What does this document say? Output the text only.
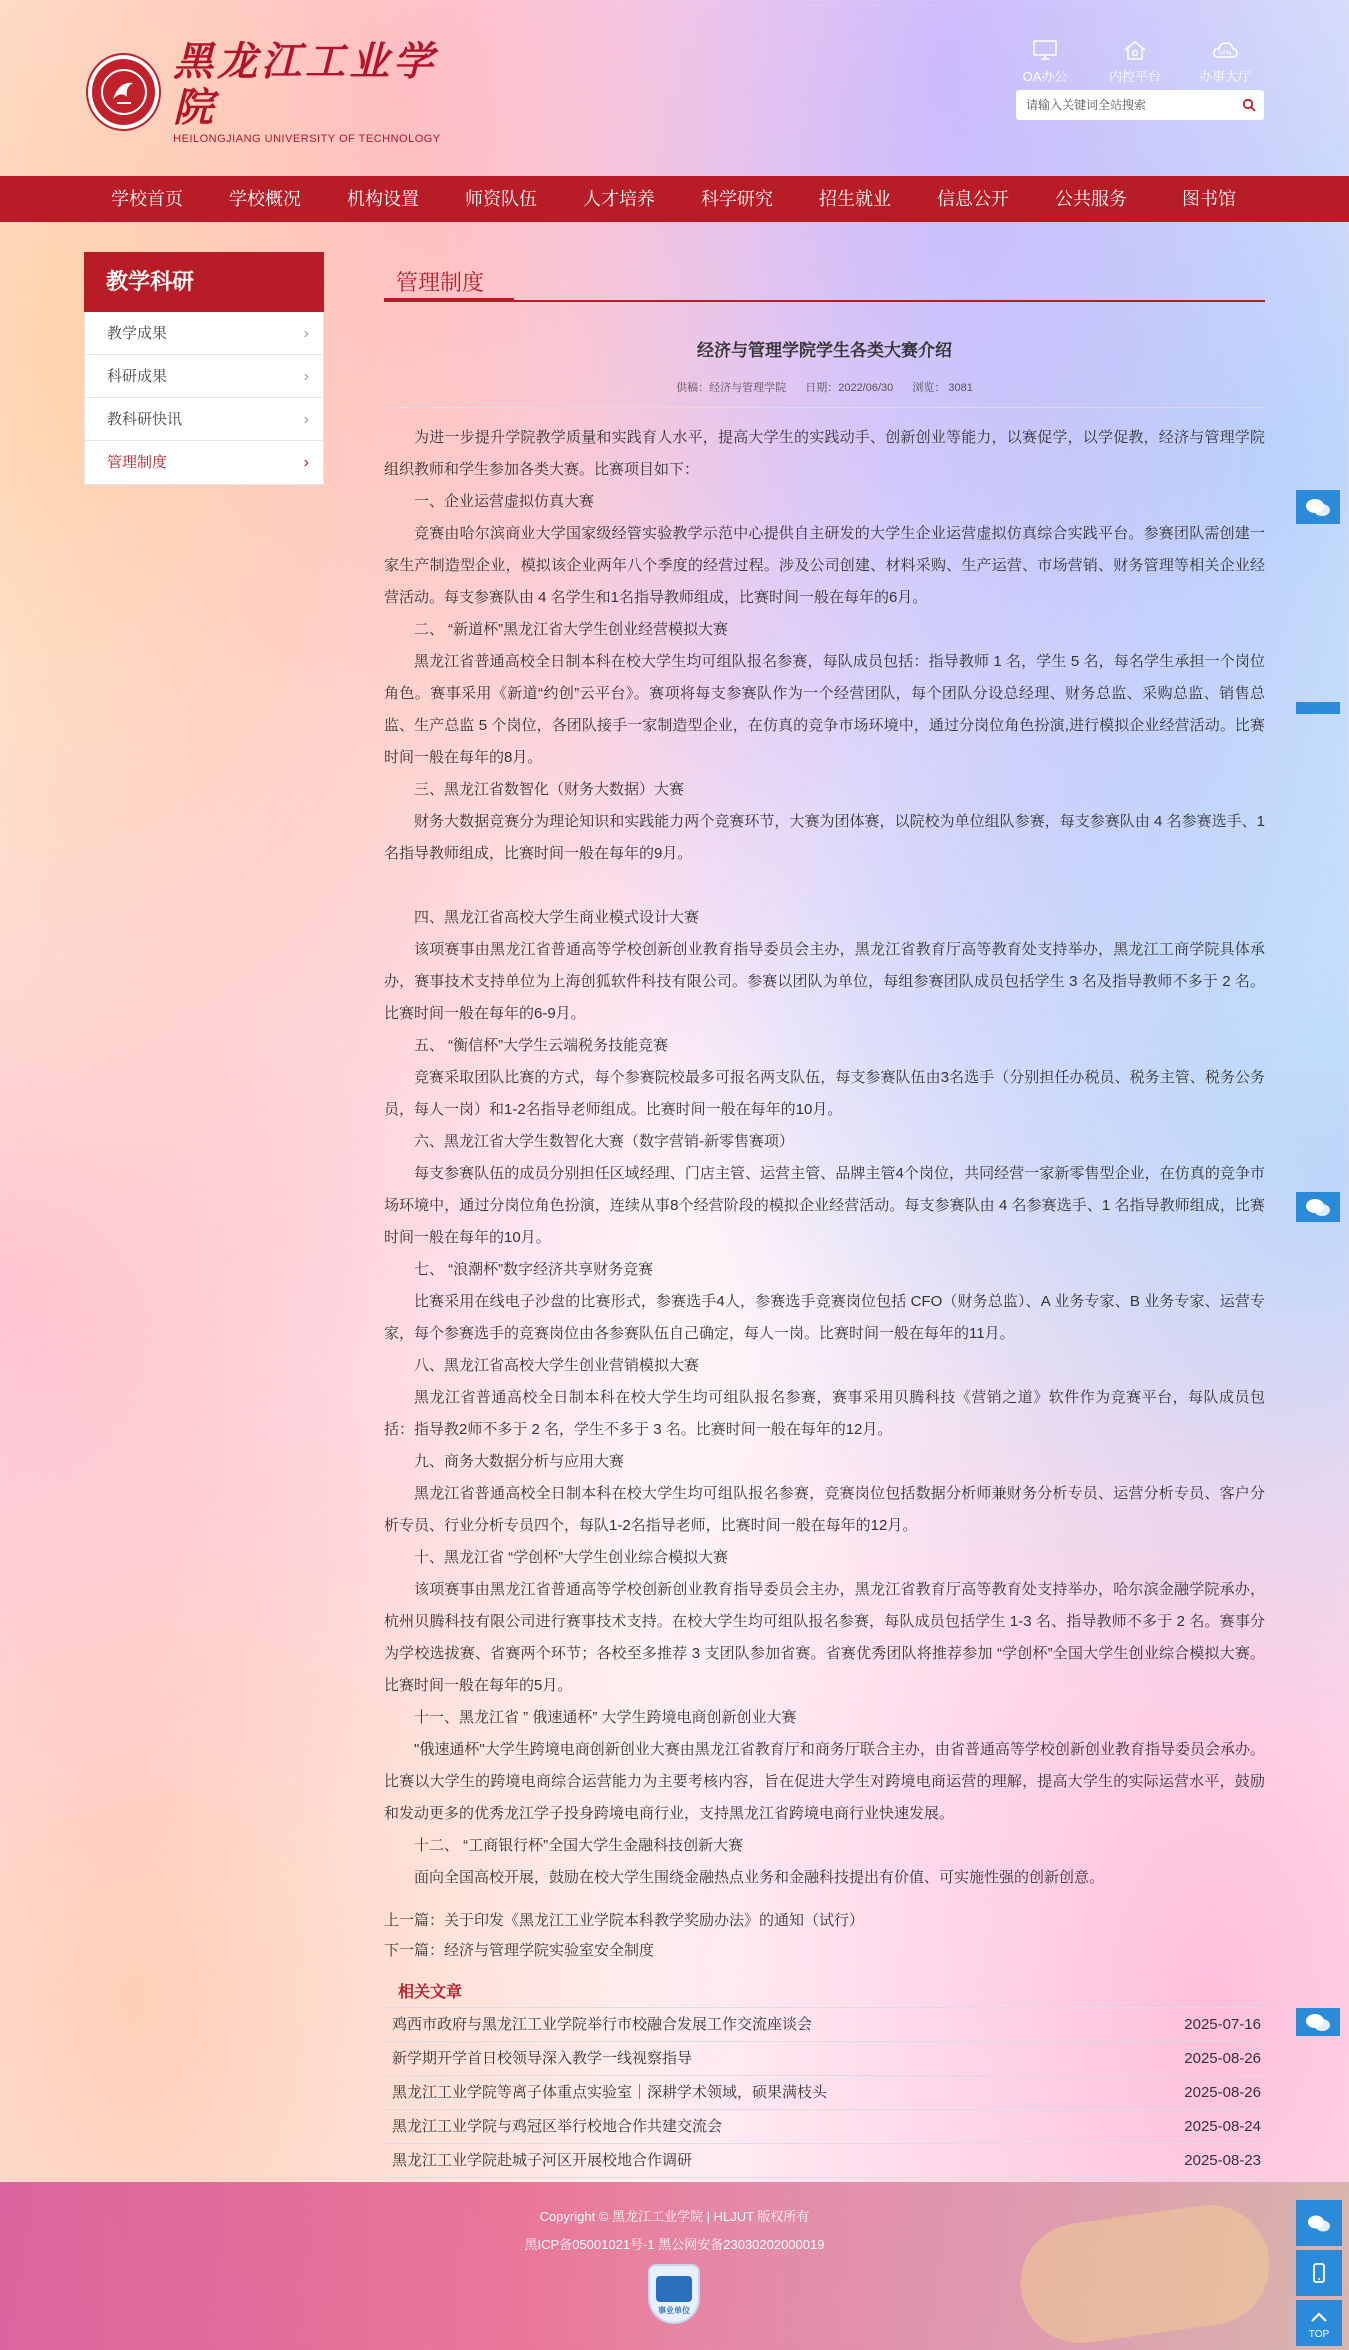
黑龙江工业学院
HEILONGJIANG UNIVERSITY OF TECHNOLOGY
OA办公	内控平台
VPN
办事大厅
请输入关键词全站搜索
学校首页	学校概况	机构设置	师资队伍	人才培养	科学研究	招生就业	信息公开	公共服务	图书馆
教学科研
教学成果	›
科研成果	›
教科研快讯	›
管理制度	›
管理制度
经济与管理学院学生各类大赛介绍
供稿：经济与管理学院 日期：2022/06/30 浏览： 3081

为进一步提升学院教学质量和实践育人水平，提高大学生的实践动手、创新创业等能力，以赛促学，以学促教，经济与管理学院组织教师和学生参加各类大赛。比赛项目如下：

一、企业运营虚拟仿真大赛

竞赛由哈尔滨商业大学国家级经管实验教学示范中心提供自主研发的大学生企业运营虚拟仿真综合实践平台。参赛团队需创建一家生产制造型企业，模拟该企业两年八个季度的经营过程。涉及公司创建、材料采购、生产运营、市场营销、财务管理等相关企业经营活动。每支参赛队由 4 名学生和1名指导教师组成，比赛时间一般在每年的6月。

二、 “新道杯”黑龙江省大学生创业经营模拟大赛

黑龙江省普通高校全日制本科在校大学生均可组队报名参赛，每队成员包括：指导教师 1 名，学生 5 名，每名学生承担一个岗位角色。赛事采用《新道“约创”云平台》。赛项将每支参赛队作为一个经营团队，每个团队分设总经理、财务总监、采购总监、销售总监、生产总监 5 个岗位，各团队接手一家制造型企业，在仿真的竞争市场环境中，通过分岗位角色扮演,进行模拟企业经营活动。比赛时间一般在每年的8月。

三、黑龙江省数智化（财务大数据）大赛

财务大数据竞赛分为理论知识和实践能力两个竞赛环节，大赛为团体赛，以院校为单位组队参赛，每支参赛队由 4 名参赛选手、1 名指导教师组成，比赛时间一般在每年的9月。

四、黑龙江省高校大学生商业模式设计大赛

该项赛事由黑龙江省普通高等学校创新创业教育指导委员会主办，黑龙江省教育厅高等教育处支持举办，黑龙江工商学院具体承办，赛事技术支持单位为上海创狐软件科技有限公司。参赛以团队为单位，每组参赛团队成员包括学生 3 名及指导教师不多于 2 名。比赛时间一般在每年的6-9月。

五、 “衡信杯”大学生云端税务技能竞赛

竞赛采取团队比赛的方式，每个参赛院校最多可报名两支队伍，每支参赛队伍由3名选手（分别担任办税员、税务主管、税务公务员，每人一岗）和1-2名指导老师组成。比赛时间一般在每年的10月。

六、黑龙江省大学生数智化大赛（数字营销-新零售赛项）

每支参赛队伍的成员分别担任区域经理、门店主管、运营主管、品牌主管4个岗位，共同经营一家新零售型企业，在仿真的竞争市场环境中，通过分岗位角色扮演，连续从事8个经营阶段的模拟企业经营活动。每支参赛队由 4 名参赛选手、1 名指导教师组成，比赛时间一般在每年的10月。

七、 “浪潮杯”数字经济共享财务竞赛

比赛采用在线电子沙盘的比赛形式，参赛选手4人，参赛选手竞赛岗位包括 CFO（财务总监）、A 业务专家、B 业务专家、运营专家，每个参赛选手的竞赛岗位由各参赛队伍自己确定，每人一岗。比赛时间一般在每年的11月。

八、黑龙江省高校大学生创业营销模拟大赛

黑龙江省普通高校全日制本科在校大学生均可组队报名参赛，赛事采用贝腾科技《营销之道》软件作为竞赛平台，每队成员包括：指导教2师不多于 2 名，学生不多于 3 名。比赛时间一般在每年的12月。

九、商务大数据分析与应用大赛

黑龙江省普通高校全日制本科在校大学生均可组队报名参赛，竞赛岗位包括数据分析师兼财务分析专员、运营分析专员、客户分析专员、行业分析专员四个，每队1-2名指导老师，比赛时间一般在每年的12月。

十、黑龙江省 “学创杯”大学生创业综合模拟大赛

该项赛事由黑龙江省普通高等学校创新创业教育指导委员会主办，黑龙江省教育厅高等教育处支持举办，哈尔滨金融学院承办，杭州贝腾科技有限公司进行赛事技术支持。在校大学生均可组队报名参赛，每队成员包括学生 1-3 名、指导教师不多于 2 名。赛事分为学校选拔赛、省赛两个环节；各校至多推荐 3 支团队参加省赛。省赛优秀团队将推荐参加 “学创杯”全国大学生创业综合模拟大赛。比赛时间一般在每年的5月。

十一、黑龙江省 ” 俄速通杯” 大学生跨境电商创新创业大赛

"俄速通杯"大学生跨境电商创新创业大赛由黑龙江省教育厅和商务厅联合主办，由省普通高等学校创新创业教育指导委员会承办。比赛以大学生的跨境电商综合运营能力为主要考核内容，旨在促进大学生对跨境电商运营的理解，提高大学生的实际运营水平，鼓励和发动更多的优秀龙江学子投身跨境电商行业，支持黑龙江省跨境电商行业快速发展。

十二、 “工商银行杯”全国大学生金融科技创新大赛

面向全国高校开展，鼓励在校大学生围绕金融热点业务和金融科技提出有价值、可实施性强的创新创意。

上一篇：关于印发《黑龙江工业学院本科教学奖励办法》的通知（试行）
下一篇：经济与管理学院实验室安全制度
相关文章
鸡西市政府与黑龙江工业学院举行市校融合发展工作交流座谈会	2025-07-16
新学期开学首日校领导深入教学一线视察指导	2025-08-26
黑龙江工业学院等离子体重点实验室｜深耕学术领域，硕果满枝头	2025-08-26
黑龙江工业学院与鸡冠区举行校地合作共建交流会	2025-08-24
黑龙江工业学院赴城子河区开展校地合作调研	2025-08-23
Copyright © 黑龙江工业学院 | HLJUT 版权所有
黑ICP备05001021号-1 黑公网安备23030202000019
事业单位
TOP
